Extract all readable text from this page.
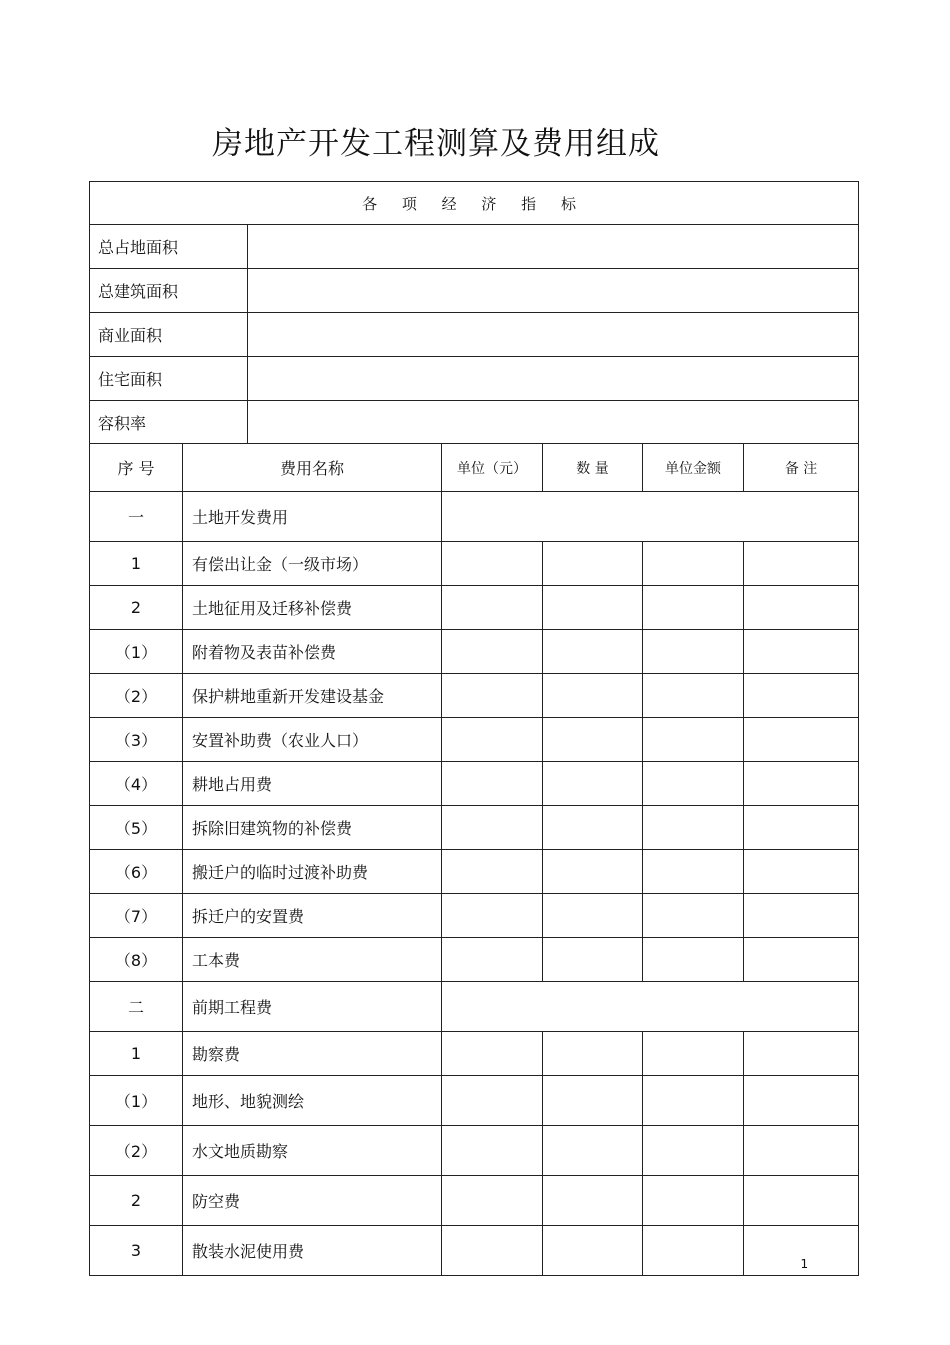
房地产开发工程测算及费用组成
各 项 经 济 指 标						
总占地面积						
总建筑面积						
商业面积						
住宅面积						
容积率						
序 号	费用名称		单位（元）	数 量	单位金额	备 注
一	土地开发费用					
1	有偿出让金（一级市场）					
2	土地征用及迁移补偿费					
（1）	附着物及表苗补偿费					
（2）	保护耕地重新开发建设基金					
（3）	安置补助费（农业人口）					
（4）	耕地占用费					
（5）	拆除旧建筑物的补偿费					
（6）	搬迁户的临时过渡补助费					
（7）	拆迁户的安置费					
（8）	工本费					
二	前期工程费					
1	勘察费					
（1）	地形、地貌测绘					
（2）	水文地质勘察					
2	防空费					
3	散装水泥使用费					1
